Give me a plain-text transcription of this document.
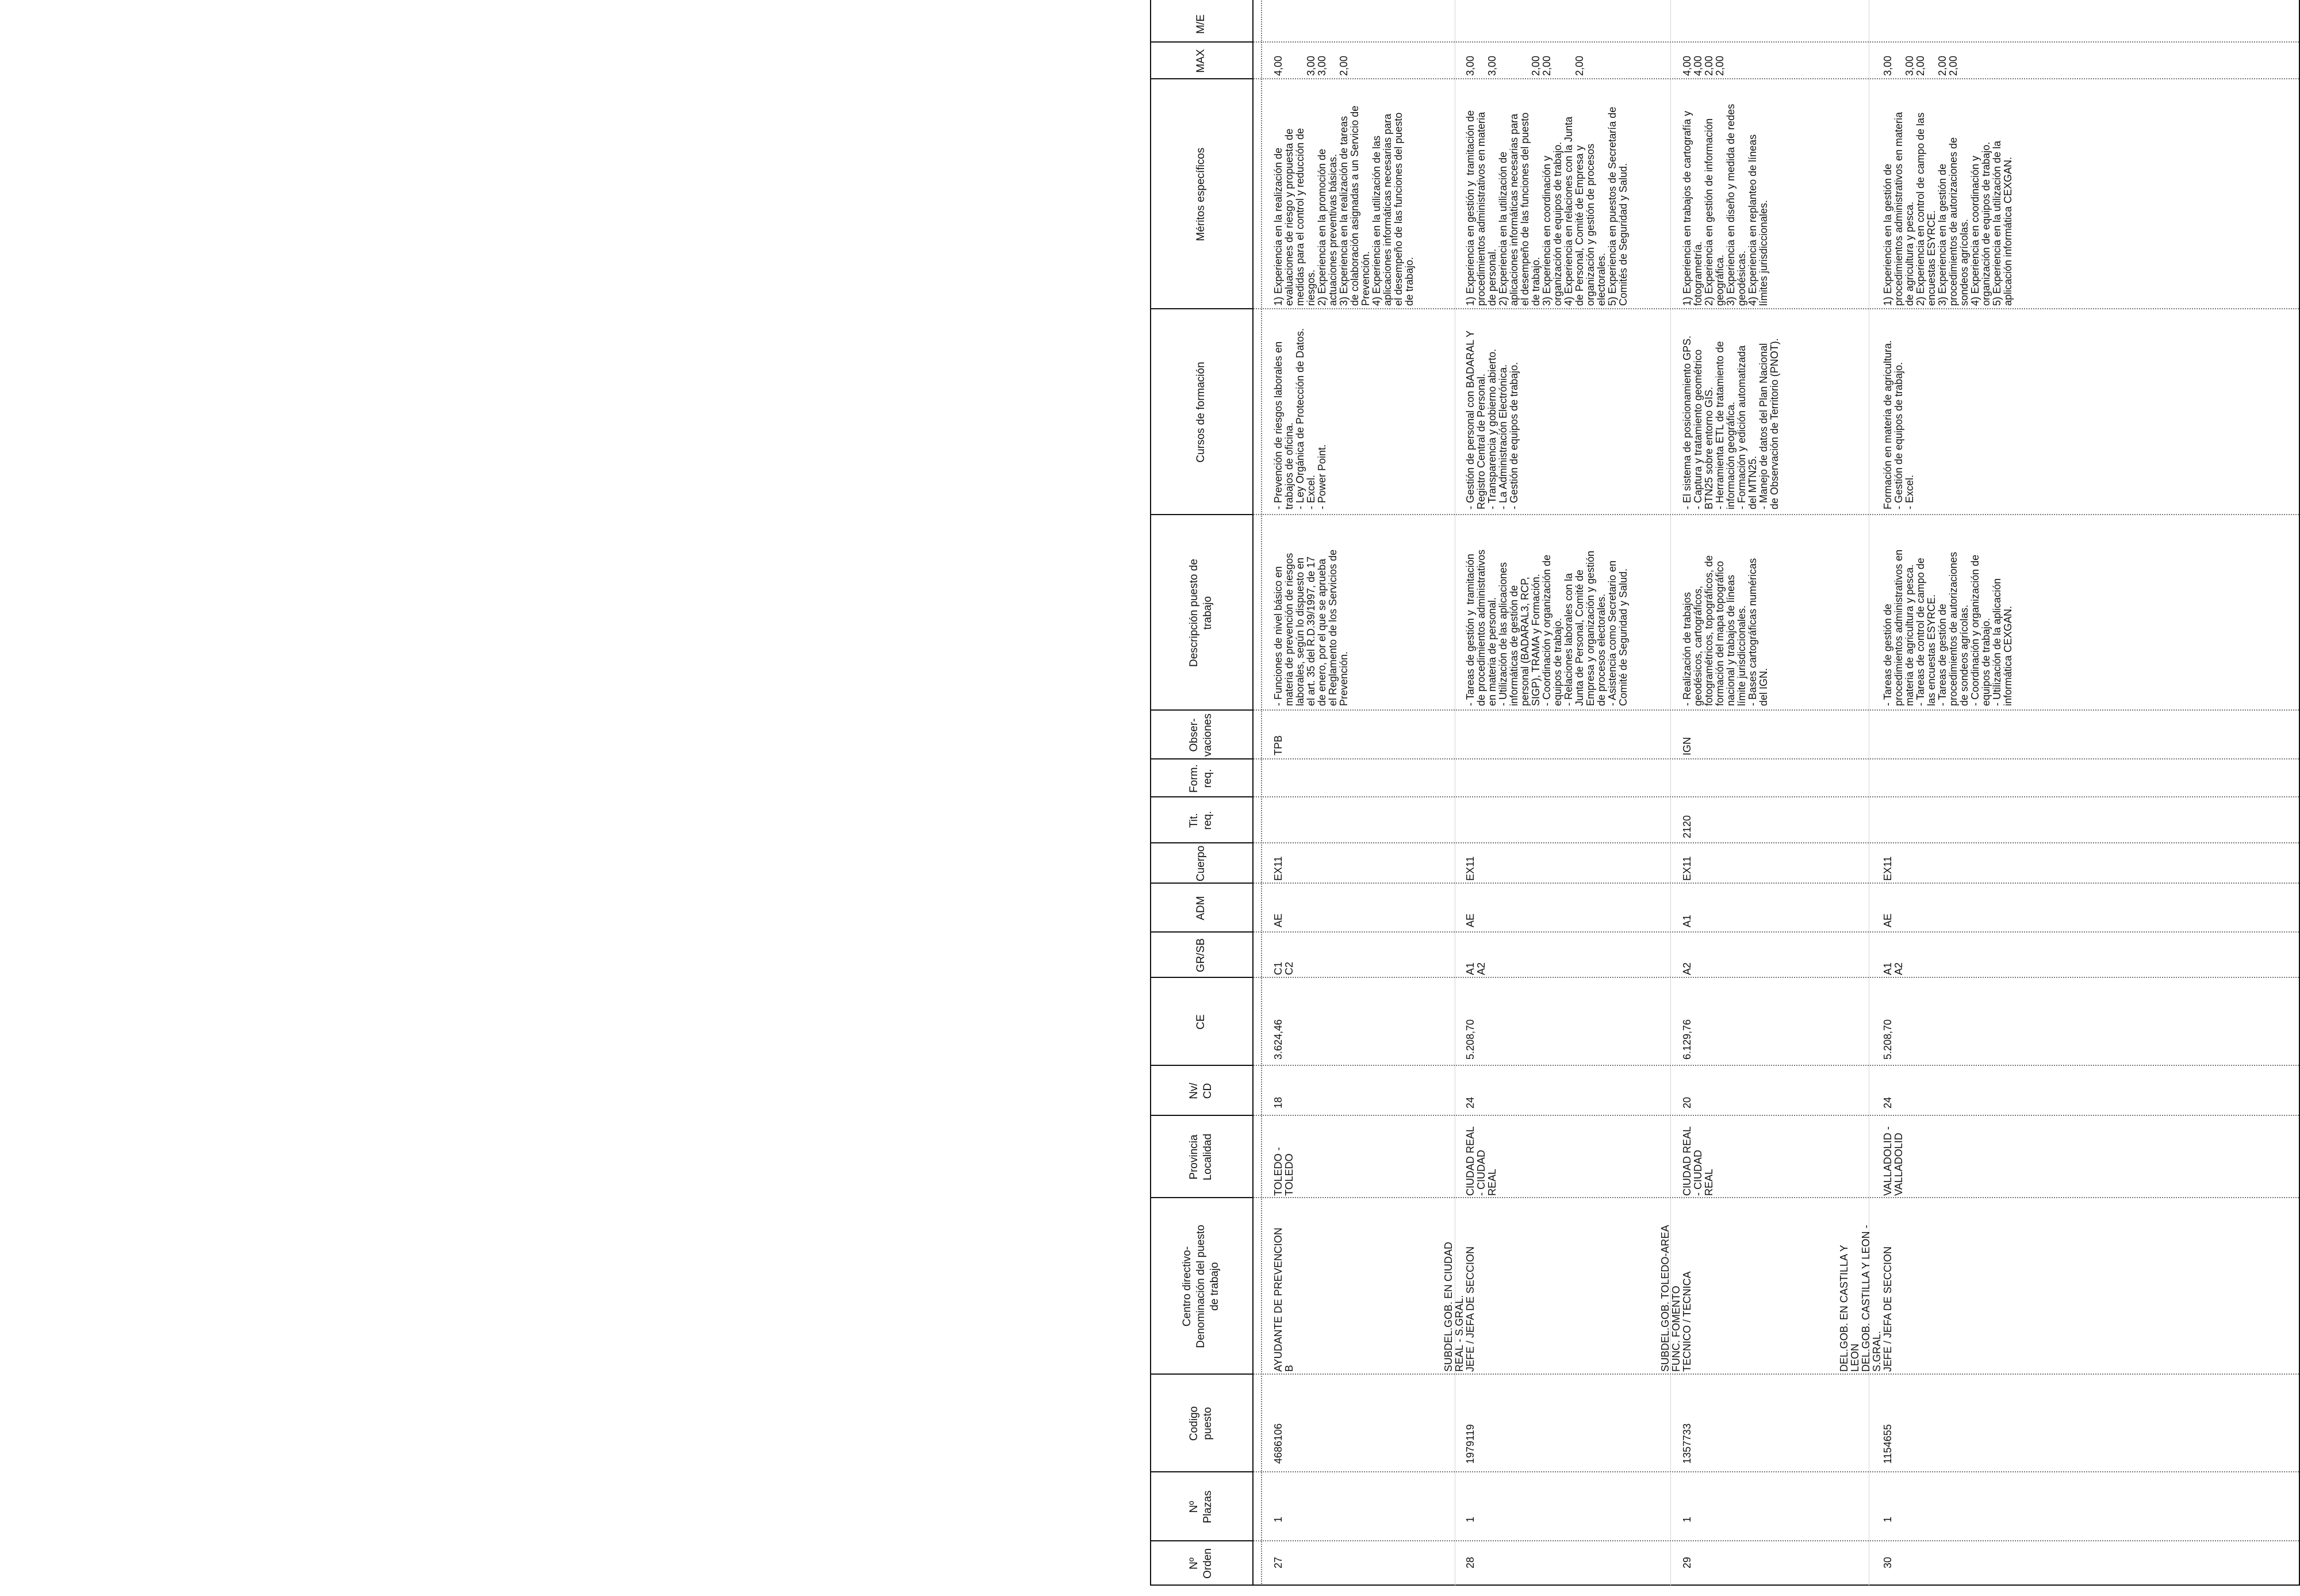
Nº
Orden
Nº
Plazas
Codigo
puesto
Centro directivo-
Denominación del puesto
de trabajo
Provincia
Localidad
Nv/
CD
CE
GR/SB
ADM
Cuerpo
Tit.
req.
Form.
req.
Obser-
vaciones
Descripción puesto de
trabajo
Cursos de formación
Méritos específicos
MAX
M/E
27
1
4686106
AYUDANTE DE PREVENCION
B
TOLEDO -
TOLEDO
18
3.624,46
C1
C2
AE
EX11
TPB
- Funciones de nivel básico en
materia de prevención de riesgos
laborales, según lo dispuesto en
el art. 35 del R.D.39/1997, de 17
de enero, por el que se aprueba
el Reglamento de los Servicios de
Prevención.
- Prevención de riesgos laborales en
trabajos de oficina.
- Ley Orgánica de Protección de Datos.
- Excel.
- Power Point.
1) Experiencia en la realización de
evaluaciones de riesgo y propuesta de
medidas para el control y reducción de
riesgos.
2) Experiencia en la promoción de
actuaciones preventivas básicas.
3) Experiencia en la realización de tareas
de colaboración asignadas a un Servicio de
Prevención.
4) Experiencia en la utilización de las
aplicaciones informáticas necesarias para
el desempeño de las funciones del puesto
de trabajo.
4,00

3,00
3,00

2,00
28
1
1979119
SUBDEL.GOB. EN CIUDAD
REAL - S.GRAL. JEFE / JEFA DE SECCION
CIUDAD REAL
- CIUDAD
REAL
24
5.208,70
A1
A2
AE
EX11
- Tareas de gestión y  tramitación
de procedimientos administrativos
en materia de personal.
- Utilización de las aplicaciones
informáticas de gestión de
personal (BADARAL3, RCP,
SIGP), TRAMA y Formación.
- Coordinación y organización de
equipos de trabajo.
- Relaciones laborales con la
Junta de Personal, Comité de
Empresa y organización y gestión
de procesos electorales.
- Asistencia como Secretario en
Comité de Seguridad y Salud.
- Gestión de personal con BADARAL Y
Registro Central de Personal.
- Transparencia y gobierno abierto.
- La Administración Electrónica.
- Gestión de equipos de trabajo.
1) Experiencia en gestión y  tramitación de
procedimientos administrativos en materia
de personal.
2) Experiencia en la utilización de
aplicaciones informáticas necesarias para
el desempeño de las funciones del puesto
de trabajo.
3) Experiencia en coordinación y
organización de equipos de trabajo.
4) Experiencia en relaciones con la Junta
de Personal, Comité de Empresa y
organización y gestión de procesos
electorales.
5) Experiencia en puestos de Secretaría de
Comités de Seguridad y Salud.
3,00

3,00

2,00
2,00

2,00
29
1
1357733
SUBDEL.GOB. TOLEDO-AREA
FUNC. FOMENTO TECNICO / TECNICA
CIUDAD REAL
- CIUDAD
REAL
20
6.129,76
A2
A1
EX11
2120
IGN
- Realización de trabajos
geodésicos, cartográficos,
fotogramétricos, topográficos, de
formación del mapa topográfico
nacional y trabajos de líneas
límite jurisdiccionales.
- Bases cartográficas numéricas
del IGN.
- El sistema de posicionamiento GPS.
- Captura y tratamiento geométrico
BTN25 sobre entorno GIS.
- Herramienta ETL de tratamiento de
información geográfica.
- Formación y edición automatizada
del MTN25.
- Manejo de datos del Plan Nacional
de Observación de Territorio (PNOT).
1) Experiencia en trabajos de cartografía y
fotogrametría.
2) Experiencia en gestión de información
geográfica.
3) Experiencia en diseño y medida de redes
geodésicas.
4) Experiencia en replanteo de líneas
límites jurisdiccionales.
4,00
4,00
2,00
2,00
30
1
1154655
DEL.GOB. EN CASTILLA Y
LEON
DEL.GOB. CASTILLA Y LEON -
S.GRAL. JEFE / JEFA DE SECCION
VALLADOLID -
VALLADOLID
24
5.208,70
A1
A2
AE
EX11
- Tareas de gestión de
procedimientos administrativos en
materia de agricultura y pesca.
- Tareas de control de campo de
las encuestas ESYRCE.
- Tareas de gestión de
procedimientos de autorizaciones
de sondeos agrícolas.
- Coordinación y organización de
equipos de trabajo.
- Utilización de la aplicación
informática CEXGAN.
Formación en materia de agricultura.
- Gestión de equipos de trabajo.
- Excel.
1) Experiencia en la gestión de
procedimientos administrativos en materia
de agricultura y pesca.
2) Experiencia en control de campo de las
encuestas ESYRCE.
3) Experiencia en la gestión de
procedimientos de autorizaciones de
sondeos agrícolas.
4) Experiencia en coordinación y
organización de equipos de trabajo.
5) Experiencia en la utilización de la
aplicación informática CEXGAN.
3,00

3,00
2,00

2,00
2,00
